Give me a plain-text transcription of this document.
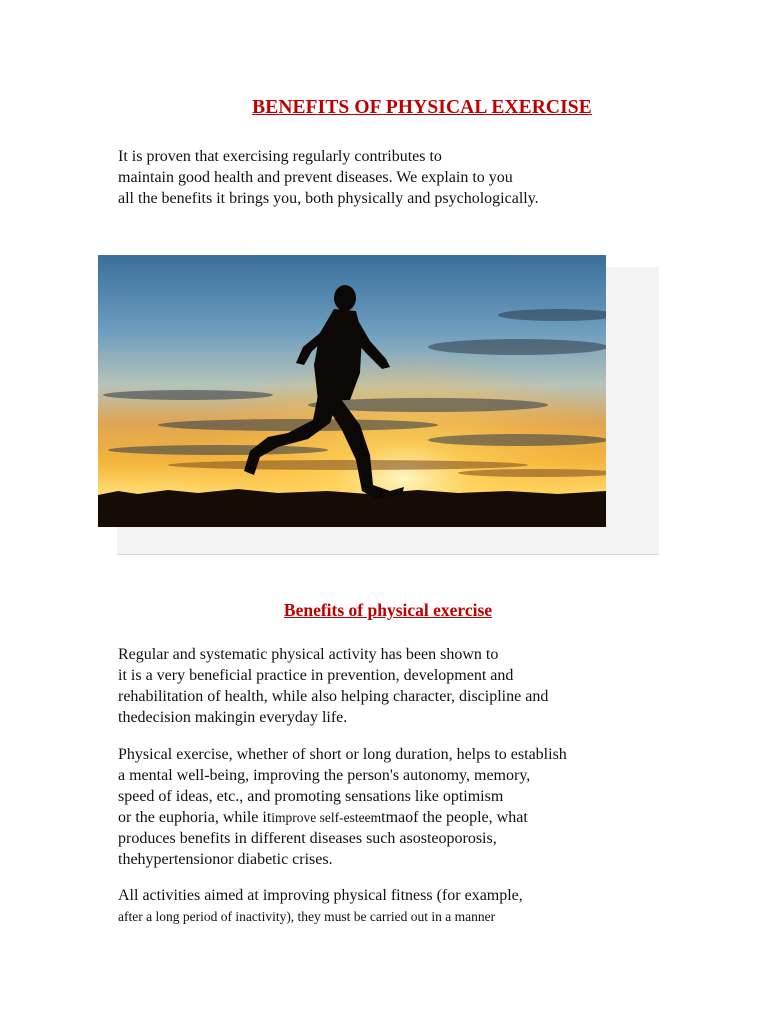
BENEFITS OF PHYSICAL EXERCISE
It is proven that exercising regularly contributes to
maintain good health and prevent diseases. We explain to you
all the benefits it brings you, both physically and psychologically.
Benefits of physical exercise
Regular and systematic physical activity has been shown to
it is a very beneficial practice in prevention, development and
rehabilitation of health, while also helping character, discipline and
thedecision makingin everyday life.
Physical exercise, whether of short or long duration, helps to establish
a mental well-being, improving the person's autonomy, memory,
speed of ideas, etc., and promoting sensations like optimism
or the euphoria, while itimprove self-esteemtmaof the people, what
produces benefits in different diseases such asosteoporosis,
thehypertensionor diabetic crises.
All activities aimed at improving physical fitness (for example,
after a long period of inactivity), they must be carried out in a manner
